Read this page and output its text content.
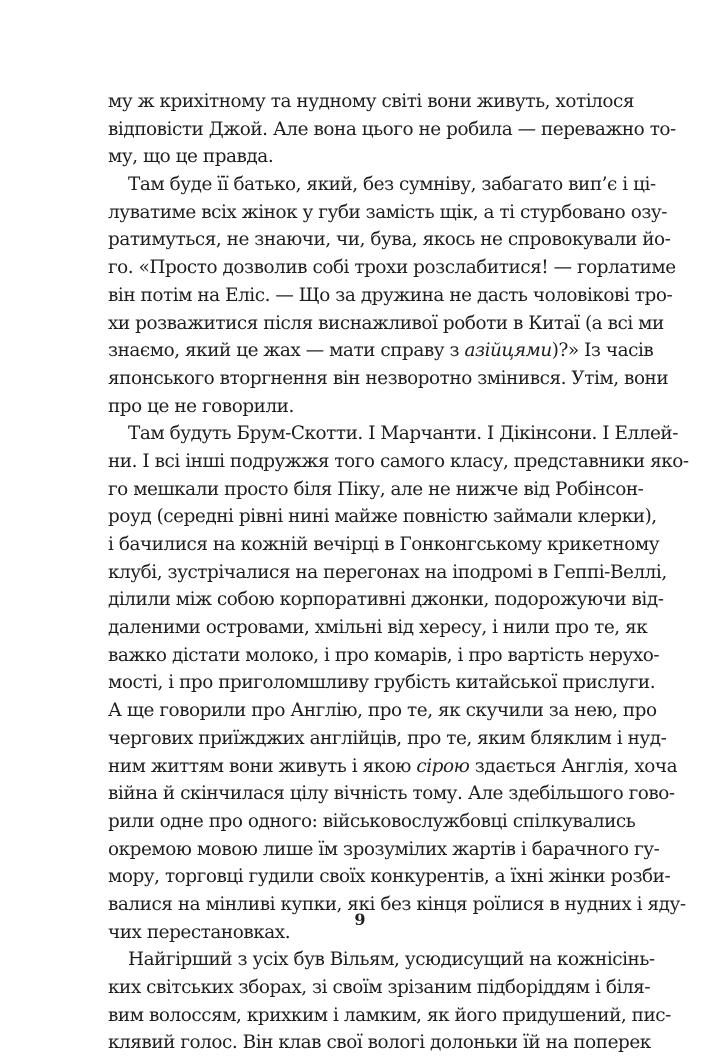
му ж крихітному та нудному світі вони живуть, хотілося
відповісти Джой. Але вона цього не робила — переважно то-
му, що це правда.
Там буде її батько, який, без сумніву, забагато вип’є і ці-
луватиме всіх жінок у губи замість щік, а ті стурбовано озу-
ратимуться, не знаючи, чи, бува, якось не спровокували йо-
го. «Просто дозволив собі трохи розслабитися! — горлатиме
він потім на Еліс. — Що за дружина не дасть чоловікові тро-
хи розважитися після виснажливої роботи в Китаї (а всі ми
знаємо, який це жах — мати справу з азійцями)?» Із часів
японського вторгнення він незворотно змінився. Утім, вони
про це не говорили.
Там будуть Брум-Скотти. І Марчанти. І Дікінсони. І Еллей-
ни. І всі інші подружжя того самого класу, представники яко-
го мешкали просто біля Піку, але не нижче від Робінсон-
роуд (середні рівні нині майже повністю займали клерки),
і бачилися на кожній вечірці в Гонконгському крикетному
клубі, зустрічалися на перегонах на іподромі в Геппі-Веллі,
ділили між собою корпоративні джонки, подорожуючи від-
даленими островами, хмільні від хересу, і нили про те, як
важко дістати молоко, і про комарів, і про вартість нерухо-
мості, і про приголомшливу грубість китайської прислуги.
А ще говорили про Англію, про те, як скучили за нею, про
чергових приїжджих англійців, про те, яким бляклим і нуд-
ним життям вони живуть і якою сірою здається Англія, хоча
війна й скінчилася цілу вічність тому. Але здебільшого гово-
рили одне про одного: військовослужбовці спілкувались
окремою мовою лише їм зрозумілих жартів і барачного гу-
мору, торговці гудили своїх конкурентів, а їхні жінки розби-
валися на мінливі купки, які без кінця роїлися в нудних і яду-
чих перестановках.
Найгірший з усіх був Вільям, усюдисущий на кожнісінь-
ких світських зборах, зі своїм зрізаним підборіддям і біля-
вим волоссям, крихким і ламким, як його придушений, пис-
клявий голос. Він клав свої вологі долоньки їй на поперек
9
